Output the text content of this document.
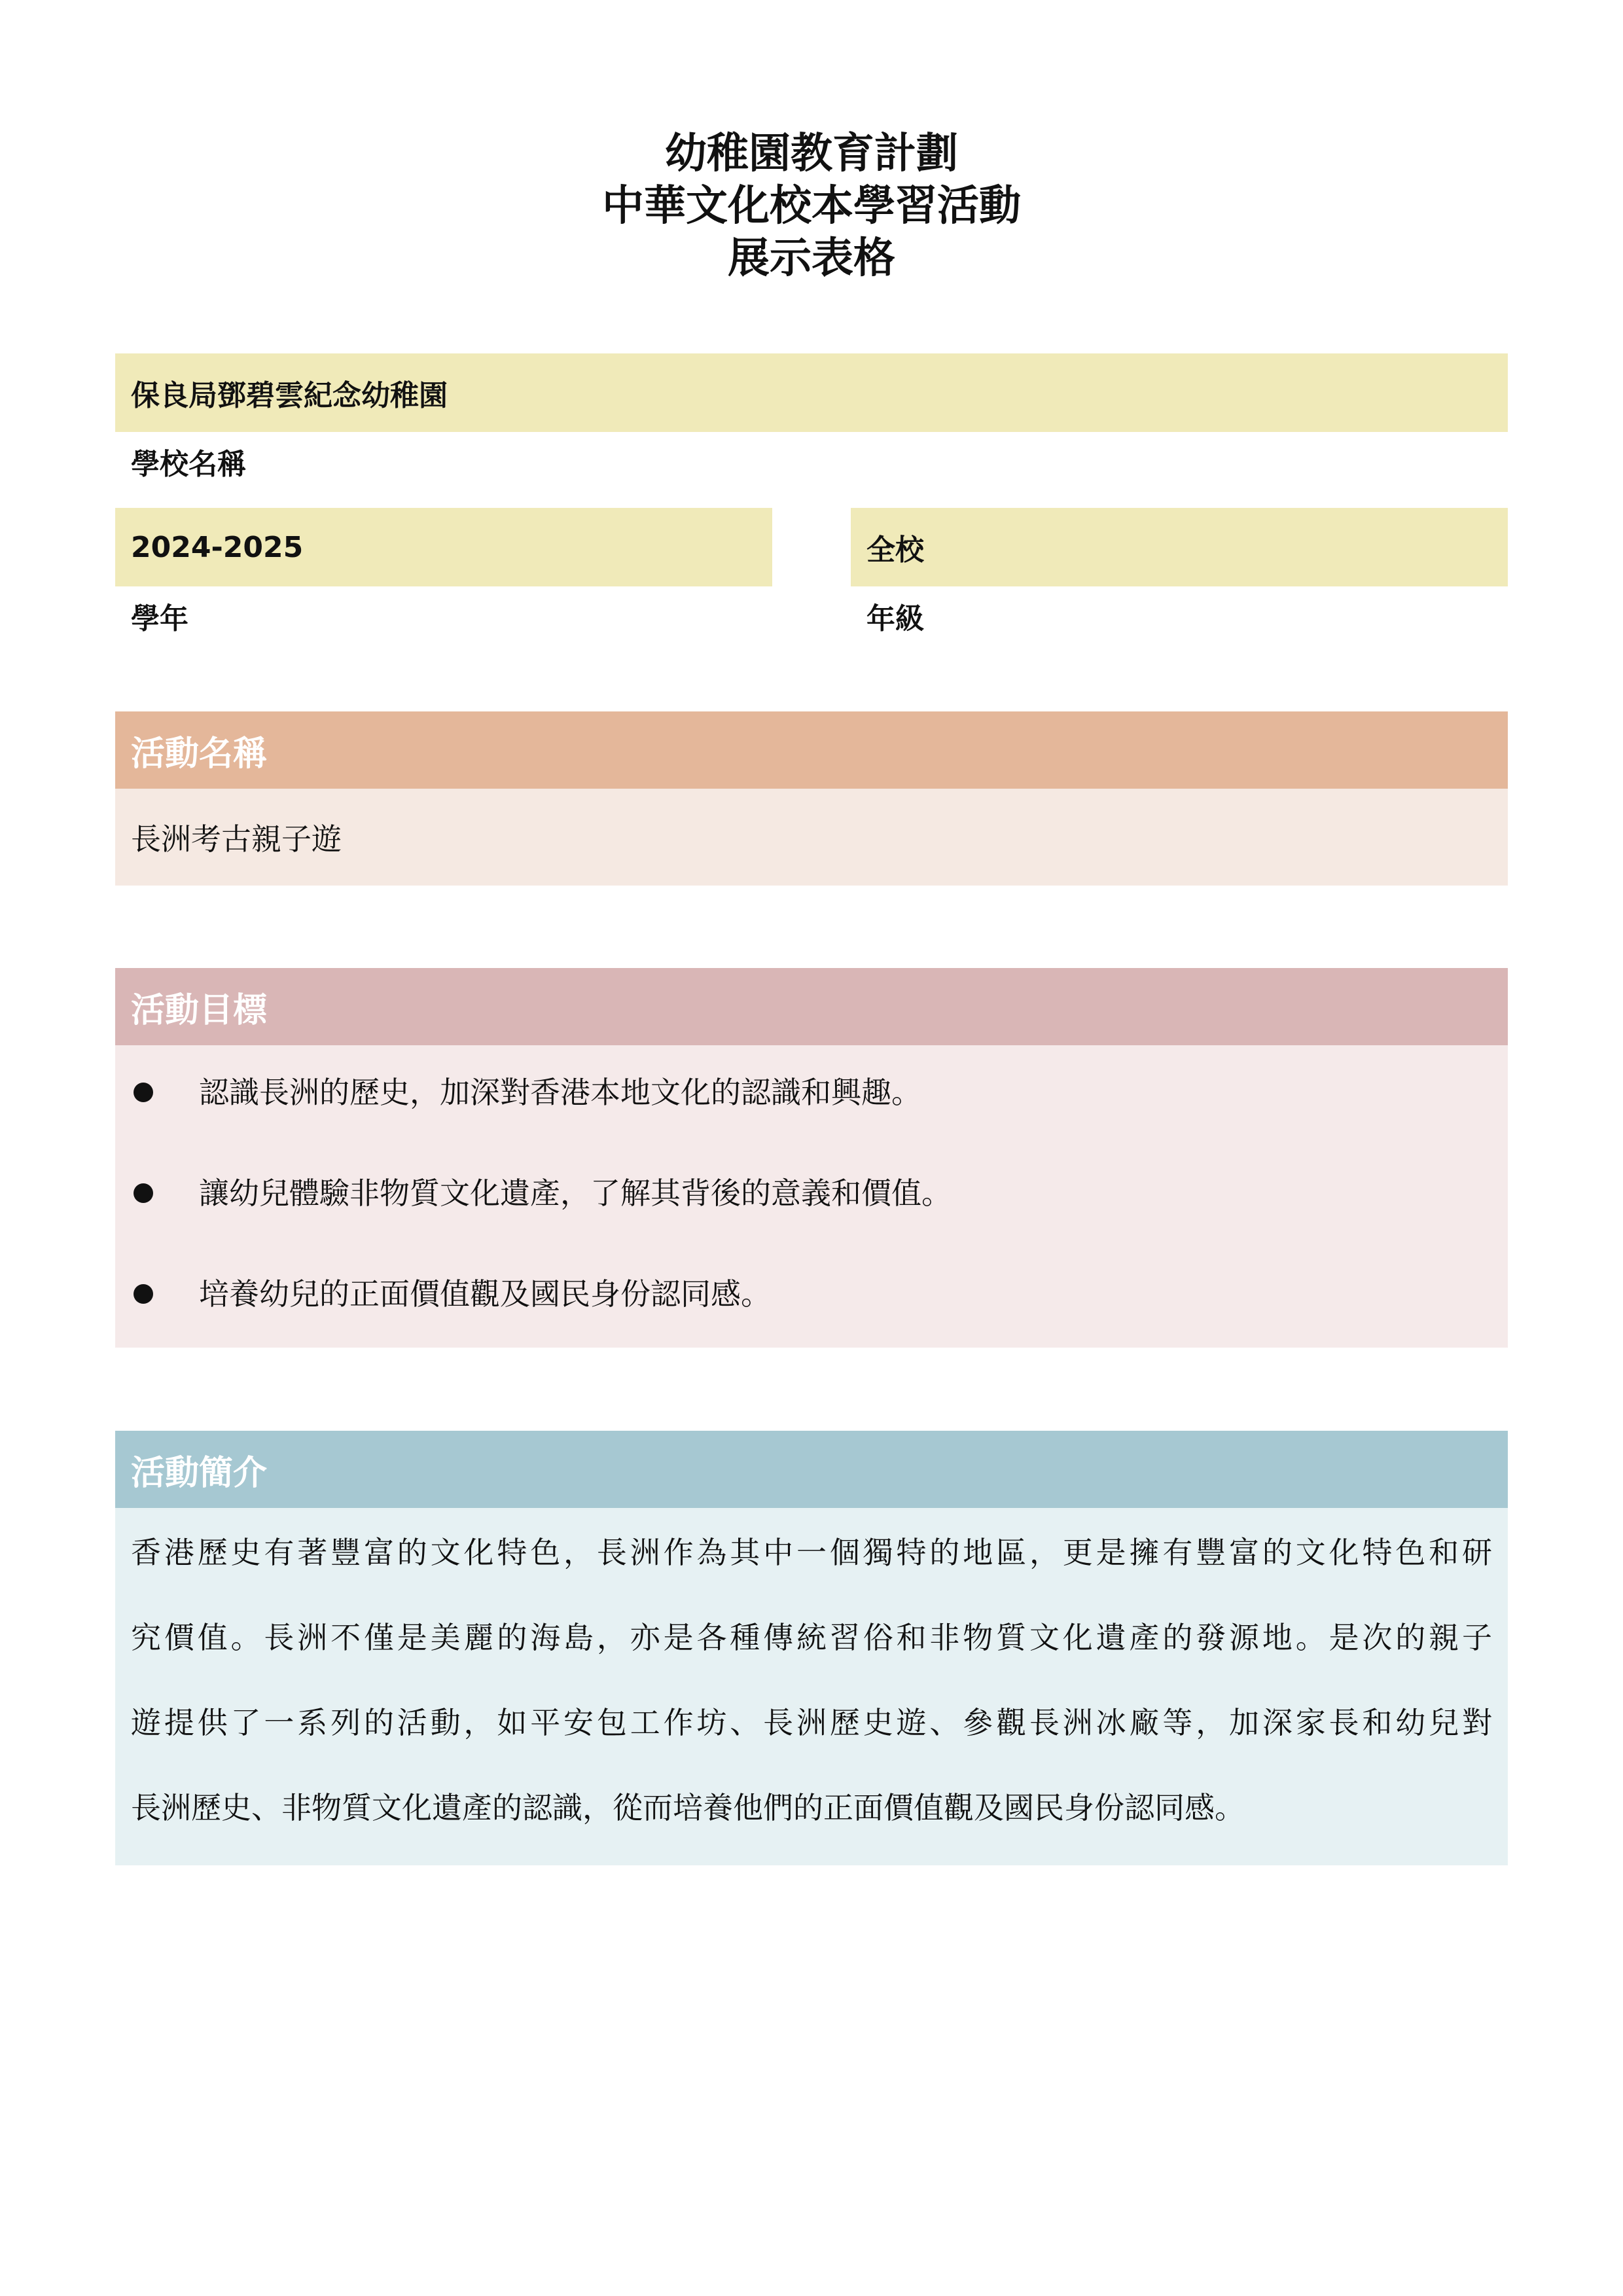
幼稚園教育計劃
中華文化校本學習活動
展示表格
保良局鄧碧雲紀念幼稚園
學校名稱
2024-2025
學年
全校
年級
活動名稱
長洲考古親子遊
活動目標
認識長洲的歷史，加深對香港本地文化的認識和興趣。
讓幼兒體驗非物質文化遺產，了解其背後的意義和價值。
培養幼兒的正面價值觀及國民身份認同感。
活動簡介
香港歷史有著豐富的文化特色，長洲作為其中一個獨特的地區，更是擁有豐富的文化特色和研
究價值。長洲不僅是美麗的海島，亦是各種傳統習俗和非物質文化遺產的發源地。是次的親子
遊提供了一系列的活動，如平安包工作坊、長洲歷史遊、參觀長洲冰廠等，加深家長和幼兒對
長洲歷史、非物質文化遺產的認識，從而培養他們的正面價值觀及國民身份認同感。
